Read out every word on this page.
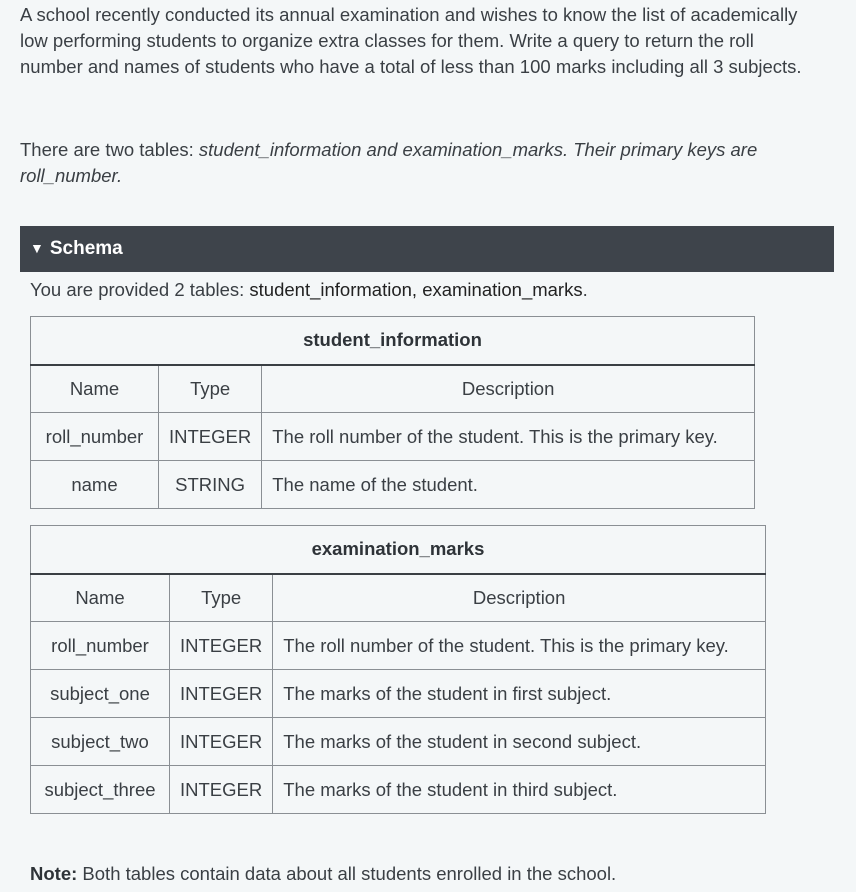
A school recently conducted its annual examination and wishes to know the list of academically low performing students to organize extra classes for them. Write a query to return the roll number and names of students who have a total of less than 100 marks including all 3 subjects.

There are two tables: student_information and examination_marks. Their primary keys are roll_number.

▼ Schema

You are provided 2 tables: student_information, examination_marks.

student_information		
Name	Type	Description
roll_number	INTEGER	The roll number of the student. This is the primary key.
name	STRING	The name of the student.
examination_marks		
Name	Type	Description
roll_number	INTEGER	The roll number of the student. This is the primary key.
subject_one	INTEGER	The marks of the student in first subject.
subject_two	INTEGER	The marks of the student in second subject.
subject_three	INTEGER	The marks of the student in third subject.

Note: Both tables contain data about all students enrolled in the school.
